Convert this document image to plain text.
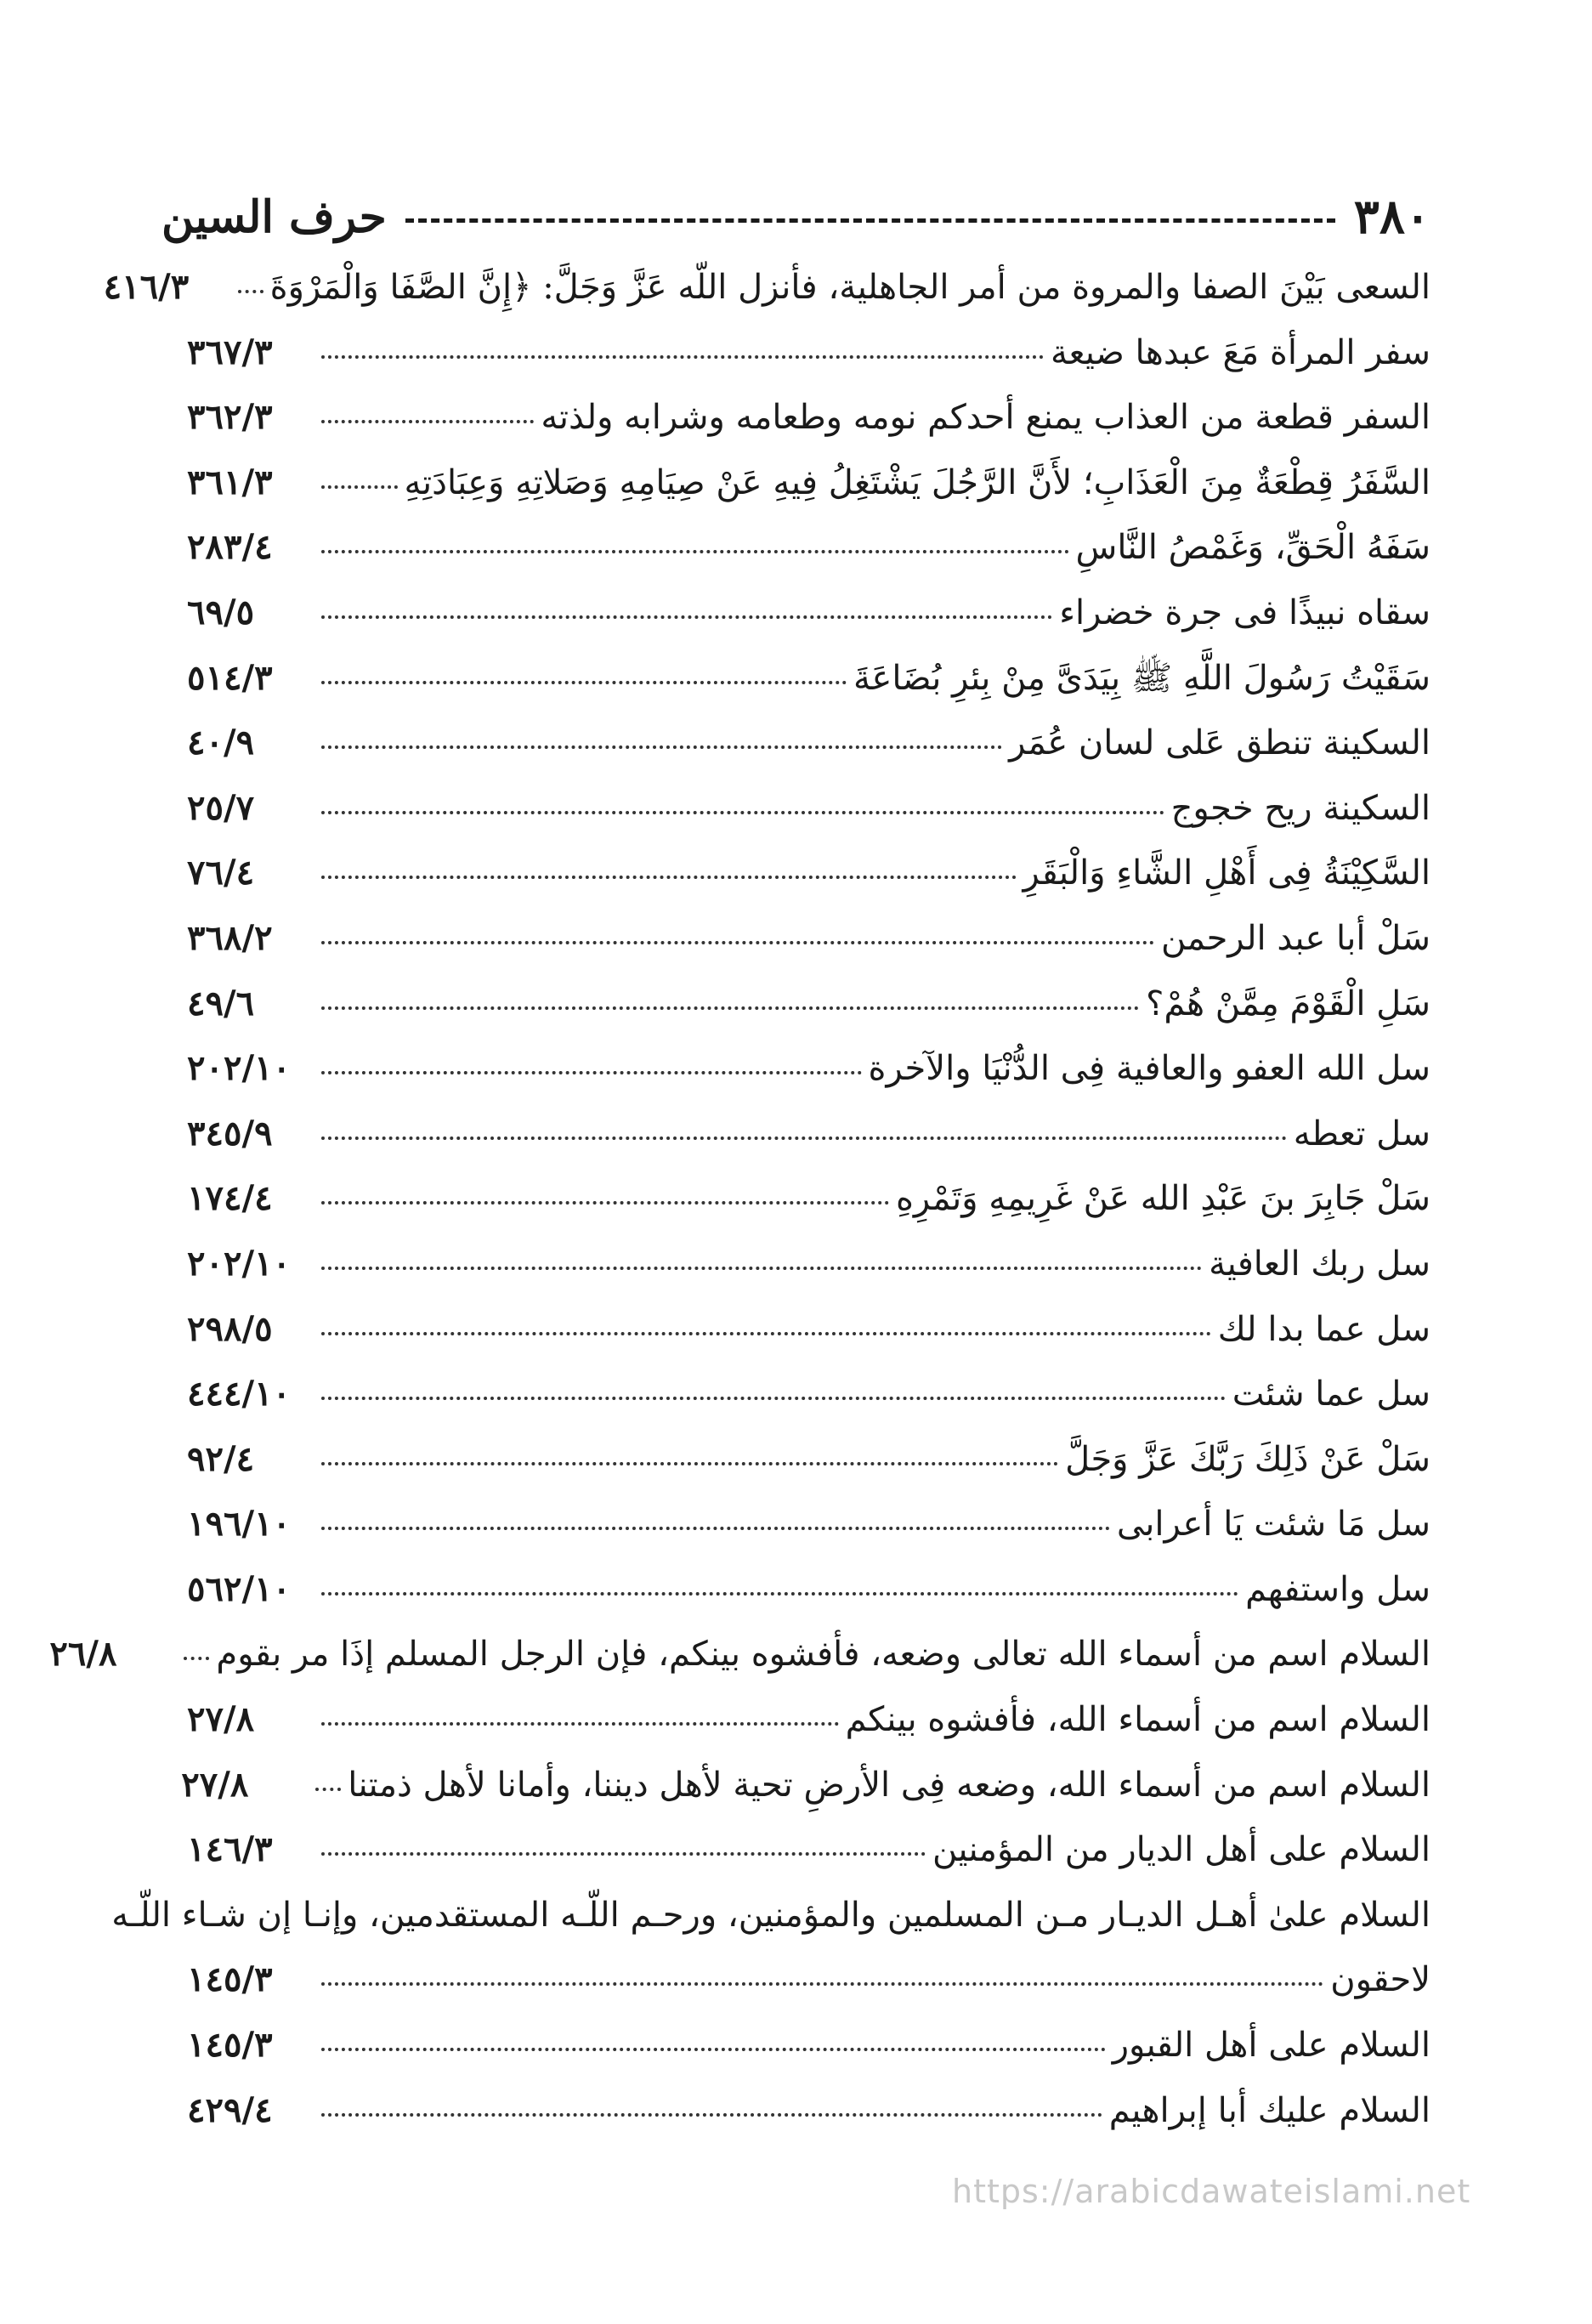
٣٨٠
حرف السين
السعى بَيْنَ الصفا والمروة من أمر الجاهلية، فأنزل اللّه عَزَّ وَجَلَّ: ﴿إِنَّ الصَّفَا وَالْمَرْوَةَ
٤١٦/٣
سفر المرأة مَعَ عبدها ضيعة
٣٦٧/٣
السفر قطعة من العذاب يمنع أحدكم نومه وطعامه وشرابه ولذته
٣٦٢/٣
السَّفَرُ قِطْعَةٌ مِنَ الْعَذَابِ؛ لأَنَّ الرَّجُلَ يَشْتَغِلُ فِيهِ عَنْ صِيَامِهِ وَصَلاتِهِ وَعِبَادَتِهِ
٣٦١/٣
سَفَهُ الْحَقِّ، وَغَمْصُ النَّاسِ
٢٨٣/٤
سقاه نبيذًا فى جرة خضراء
٦٩/٥
سَقَيْتُ رَسُولَ اللَّهِ ﷺ بِيَدَىَّ مِنْ بِئرِ بُضَاعَةَ
٥١٤/٣
السكينة تنطق عَلى لسان عُمَر
٤٠/٩
السكينة ريح خجوج
٢٥/٧
السَّكِيْنَةُ فِى أَهْلِ الشَّاءِ وَالْبَقَرِ
٧٦/٤
سَلْ أبا عبد الرحمن
٣٦٨/٢
سَلِ الْقَوْمَ مِمَّنْ هُمْ؟
٤٩/٦
سل الله العفو والعافية فِى الدُّنْيَا والآخرة
٢٠٢/١٠
سل تعطه
٣٤٥/٩
سَلْ جَابِرَ بنَ عَبْدِ الله عَنْ غَرِيمِهِ وَتَمْرِهِ
١٧٤/٤
سل ربك العافية
٢٠٢/١٠
سل عما بدا لك
٢٩٨/٥
سل عما شئت
٤٤٤/١٠
سَلْ عَنْ ذَلِكَ رَبَّكَ عَزَّ وَجَلَّ
٩٢/٤
سل مَا شئت يَا أعرابى
١٩٦/١٠
سل واستفهم
٥٦٢/١٠
السلام اسم من أسماء الله تعالى وضعه، فأفشوه بينكم، فإن الرجل المسلم إذَا مر بقوم
٢٦/٨
السلام اسم من أسماء الله، فأفشوه بينكم
٢٧/٨
السلام اسم من أسماء الله، وضعه فِى الأرضِ تحية لأهل ديننا، وأمانا لأهل ذمتنا
٢٧/٨
السلام على أهل الديار من المؤمنين
١٤٦/٣
السلام علىٰ أهـل الديـار مـن المسلمين والمؤمنين، ورحـم اللّـه المستقدمين، وإنـا إن شـاء اللّـه
لاحقون
١٤٥/٣
السلام على أهل القبور
١٤٥/٣
السلام عليك أبا إبراهيم
٤٢٩/٤
https://arabicdawateislami.net
